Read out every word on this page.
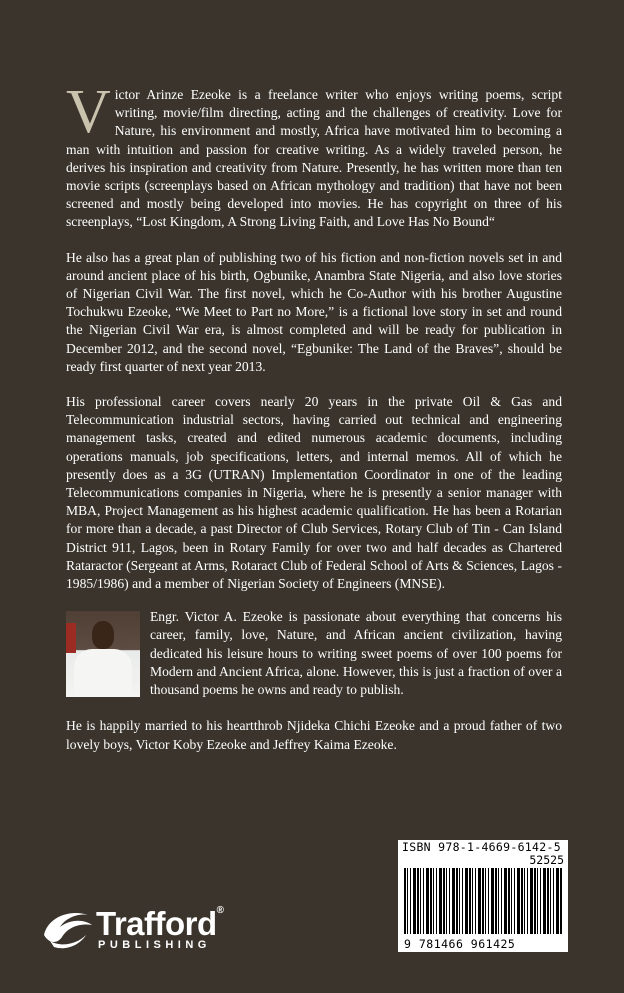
Victor Arinze Ezeoke is a freelance writer who enjoys writing poems, script writing, movie/film directing, acting and the challenges of creativity. Love for Nature, his environment and mostly, Africa have motivated him to becoming a man with intuition and passion for creative writing. As a widely traveled person, he derives his inspiration and creativity from Nature. Presently, he has written more than ten movie scripts (screenplays based on African mythology and tradition) that have not been screened and mostly being developed into movies. He has copyright on three of his screenplays, “Lost Kingdom, A Strong Living Faith, and Love Has No Bound“

He also has a great plan of publishing two of his fiction and non-fiction novels set in and around ancient place of his birth, Ogbunike, Anambra State Nigeria, and also love stories of Nigerian Civil War. The first novel, which he Co-Author with his brother Augustine Tochukwu Ezeoke, “We Meet to Part no More,” is a fictional love story in set and round the Nigerian Civil War era, is almost completed and will be ready for publication in December 2012, and the second novel, “Egbunike: The Land of the Braves”, should be ready first quarter of next year 2013.

His professional career covers nearly 20 years in the private Oil & Gas and Telecommunication industrial sectors, having carried out technical and engineering management tasks, created and edited numerous academic documents, including operations manuals, job specifications, letters, and internal memos. All of which he presently does as a 3G (UTRAN) Implementation Coordinator in one of the leading Telecommunications companies in Nigeria, where he is presently a senior manager with MBA, Project Management as his highest academic qualification. He has been a Rotarian for more than a decade, a past Director of Club Services, Rotary Club of Tin - Can Island District 911, Lagos, been in Rotary Family for over two and half decades as Chartered Rataractor (Sergeant at Arms, Rotaract Club of Federal School of Arts & Sciences, Lagos - 1985/1986) and a member of Nigerian Society of Engineers (MNSE).

Engr. Victor A. Ezeoke is passionate about everything that concerns his career, family, love, Nature, and African ancient civilization, having dedicated his leisure hours to writing sweet poems of over 100 poems for Modern and Ancient Africa, alone. However, this is just a fraction of over a thousand poems he owns and ready to publish.

He is happily married to his heartthrob Njideka Chichi Ezeoke and a proud father of two lovely boys, Victor Koby Ezeoke and Jeffrey Kaima Ezeoke.

ISBN 978-1-4669-6142-5
52525
9 781466 961425
Trafford®
PUBLISHING
